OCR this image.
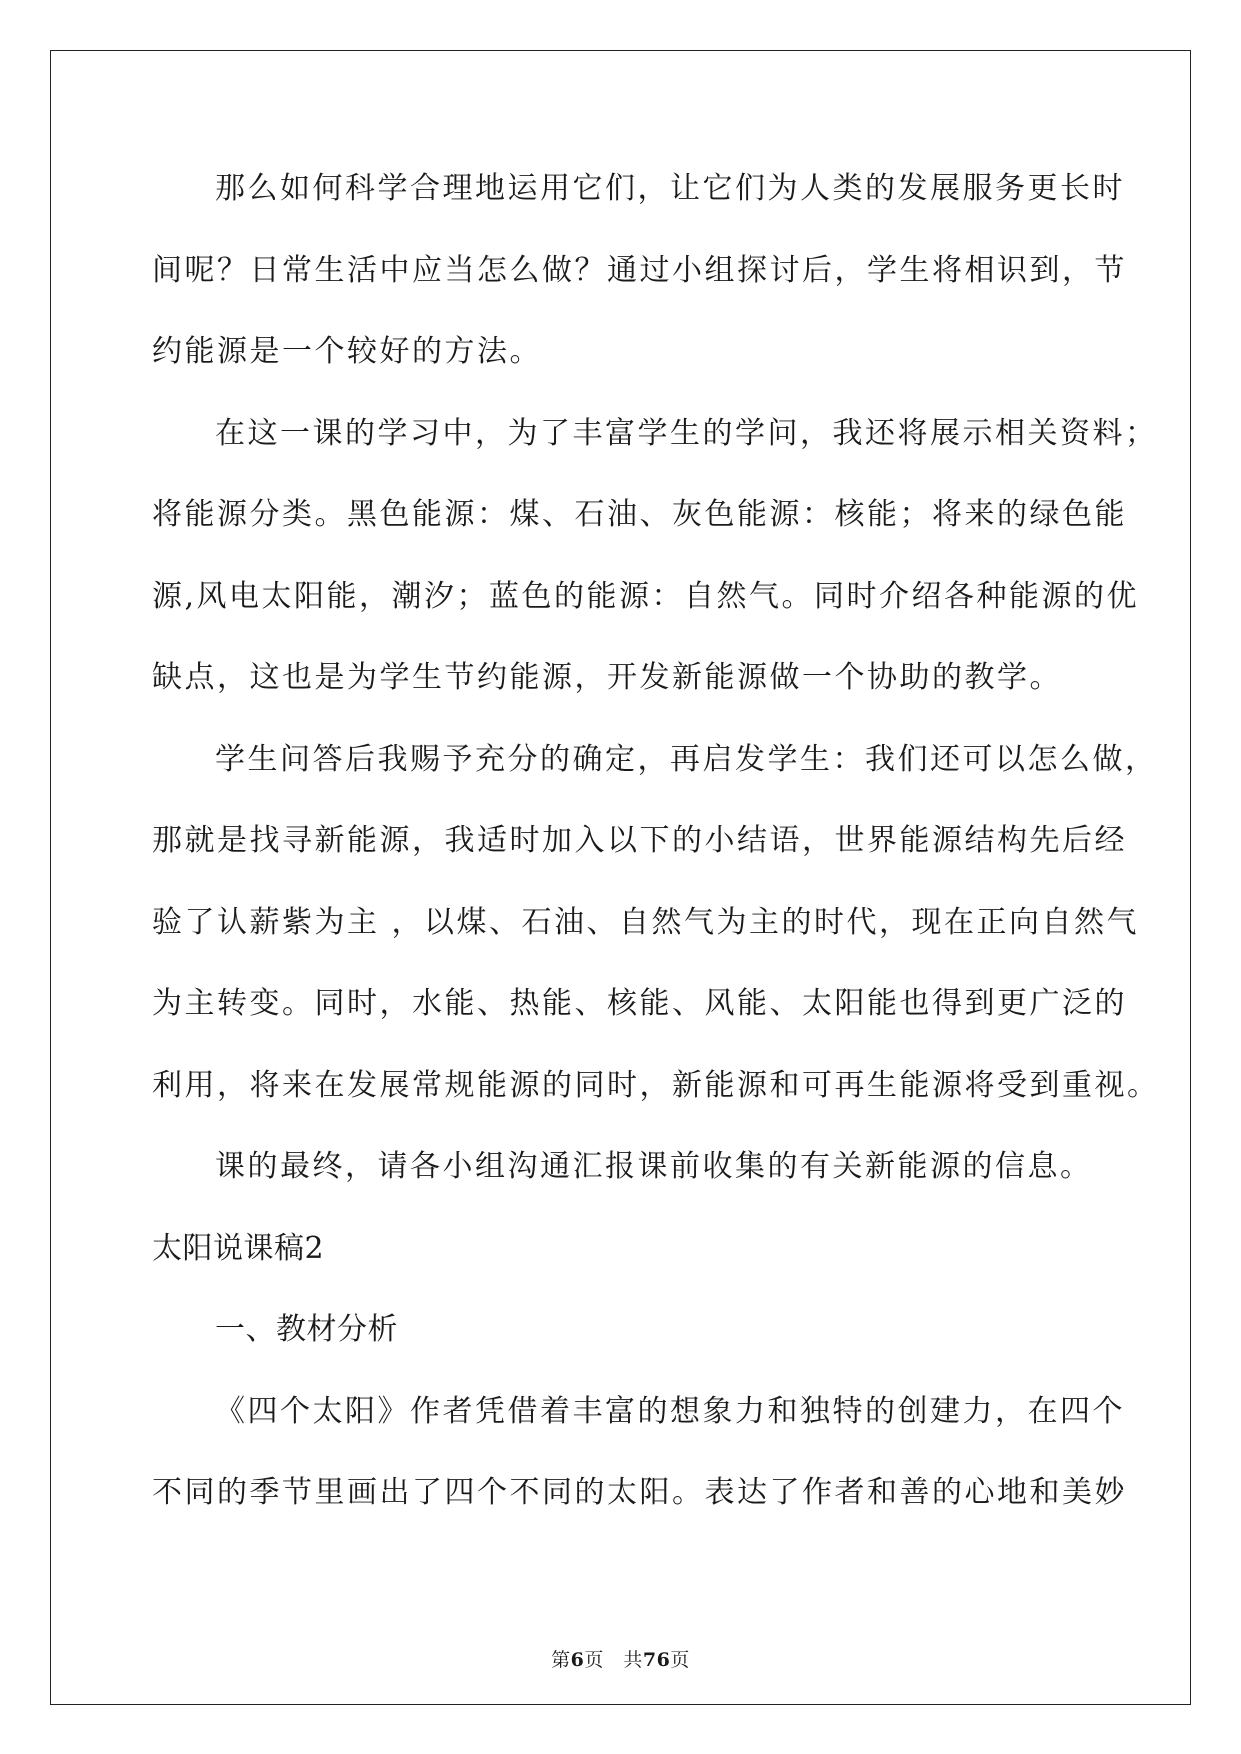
那么如何科学合理地运用它们，让它们为人类的发展服务更长时
间呢？日常生活中应当怎么做？通过小组探讨后，学生将相识到，节
约能源是一个较好的方法。
在这一课的学习中，为了丰富学生的学问，我还将展示相关资料；
将能源分类。黑色能源：煤、石油、灰色能源：核能；将来的绿色能
源,风电太阳能，潮汐；蓝色的能源：自然气。同时介绍各种能源的优
缺点，这也是为学生节约能源，开发新能源做一个协助的教学。
学生问答后我赐予充分的确定，再启发学生：我们还可以怎么做，
那就是找寻新能源，我适时加入以下的小结语，世界能源结构先后经
验了认薪紫为主 ，以煤、石油、自然气为主的时代，现在正向自然气
为主转变。同时，水能、热能、核能、风能、太阳能也得到更广泛的
利用，将来在发展常规能源的同时，新能源和可再生能源将受到重视。
课的最终，请各小组沟通汇报课前收集的有关新能源的信息。
太阳说课稿2
一、教材分析
《四个太阳》作者凭借着丰富的想象力和独特的创建力，在四个
不同的季节里画出了四个不同的太阳。表达了作者和善的心地和美妙
第6页　共76页
